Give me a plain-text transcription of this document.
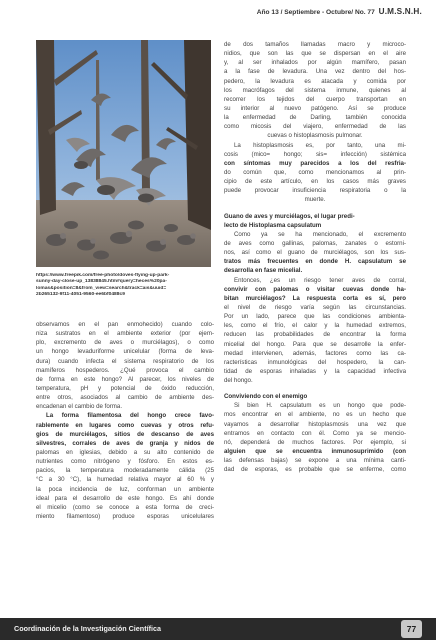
Año 13 / Septiembre - Octubre/ No. 77 U.M.S.N.H.
https://www.freepik.com/free-photo/doves-flying-up-park-
sunny-day-close-up_13838845.htm#query=heces%20pa-
lomas&position=8&from_view=search&track=ais&uuid=
2b265132-9f11-4051-9560-ee6bf0488c9
observamos en el pan enmohecido) cuando colo-
niza sustratos en el ambiente exterior (por ejem-
plo, excremento de aves o murciélagos), o como
un hongo levaduriforme unicelular (forma de leva-
dura) cuando infecta el sistema respiratorio de los
mamíferos hospederos. ¿Qué provoca el cambio
de forma en este hongo? Al parecer, los niveles de
temperatura, pH y potencial de óxido reducción,
entre otros, asociados al cambio de ambiente des-
encadenan el cambio de forma.
La forma filamentosa del hongo crece favo-
rablemente en lugares como cuevas y otros refu-
gios de murciélagos, sitios de descanso de aves
silvestres, corrales de aves de granja y nidos de
palomas en iglesias, debido a su alto contenido de
nutrientes como nitrógeno y fósforo. En estos es-
pacios, la temperatura moderadamente cálida (25
°C a 30 °C), la humedad relativa mayor al 60 % y
la poca incidencia de luz, conforman un ambiente
ideal para el desarrollo de este hongo. Es ahí donde
el micelio (como se conoce a esta forma de creci-
miento filamentoso) produce esporas unicelulares
de dos tamaños llamadas macro y microco-
nidios, que son las que se dispersan en el aire
y, al ser inhalados por algún mamífero, pasan
a la fase de levadura. Una vez dentro del hos-
pedero, la levadura es atacada y comida por
los macrófagos del sistema inmune, quienes al
recorrer los tejidos del cuerpo transportan en
su interior al nuevo patógeno. Así se produce
la enfermedad de Darling, también conocida
como micosis del viajero, enfermedad de las
cuevas o histoplasmosis pulmonar.
La histoplasmosis es, por tanto, una mi-
cosis (mico= hongo; sis= infección) sistémica
con síntomas muy parecidos a los del resfria-
do común que, como mencionamos al prin-
cipio de este artículo, en los casos más graves
puede provocar insuficiencia respiratoria o la
muerte.
Guano de aves y murciélagos, el lugar predi-
lecto de Histoplasma capsulatum
Como ya se ha mencionado, el excremento
de aves como gallinas, palomas, zanates o estorni-
nos, así como el guano de murciélagos, son los sus-
tratos más frecuentes en donde H. capsulatum se
desarrolla en fase micelial.
Entonces, ¿es un riesgo tener aves de corral,
convivir con palomas o visitar cuevas donde ha-
bitan murciélagos? La respuesta corta es sí, pero
el nivel de riesgo varía según las circunstancias.
Por un lado, parece que las condiciones ambienta-
les, como el frío, el calor y la humedad extremos,
reducen las probabilidades de encontrar la forma
micelial del hongo. Para que se desarrolle la enfer-
medad intervienen, además, factores como las ca-
racterísticas inmunológicas del hospedero, la can-
tidad de esporas inhaladas y la capacidad infectiva
del hongo.
Conviviendo con el enemigo
Si bien H. capsulatum es un hongo que pode-
mos encontrar en el ambiente, no es un hecho que
vayamos a desarrollar histoplasmosis una vez que
entramos en contacto con él. Como ya se mencio-
nó, dependerá de muchos factores. Por ejemplo, si
alguien que se encuentra inmunosuprimido (con
las defensas bajas) se expone a una mínima canti-
dad de esporas, es probable que se enferme, como
Coordinación de la Investigación Científica	77
